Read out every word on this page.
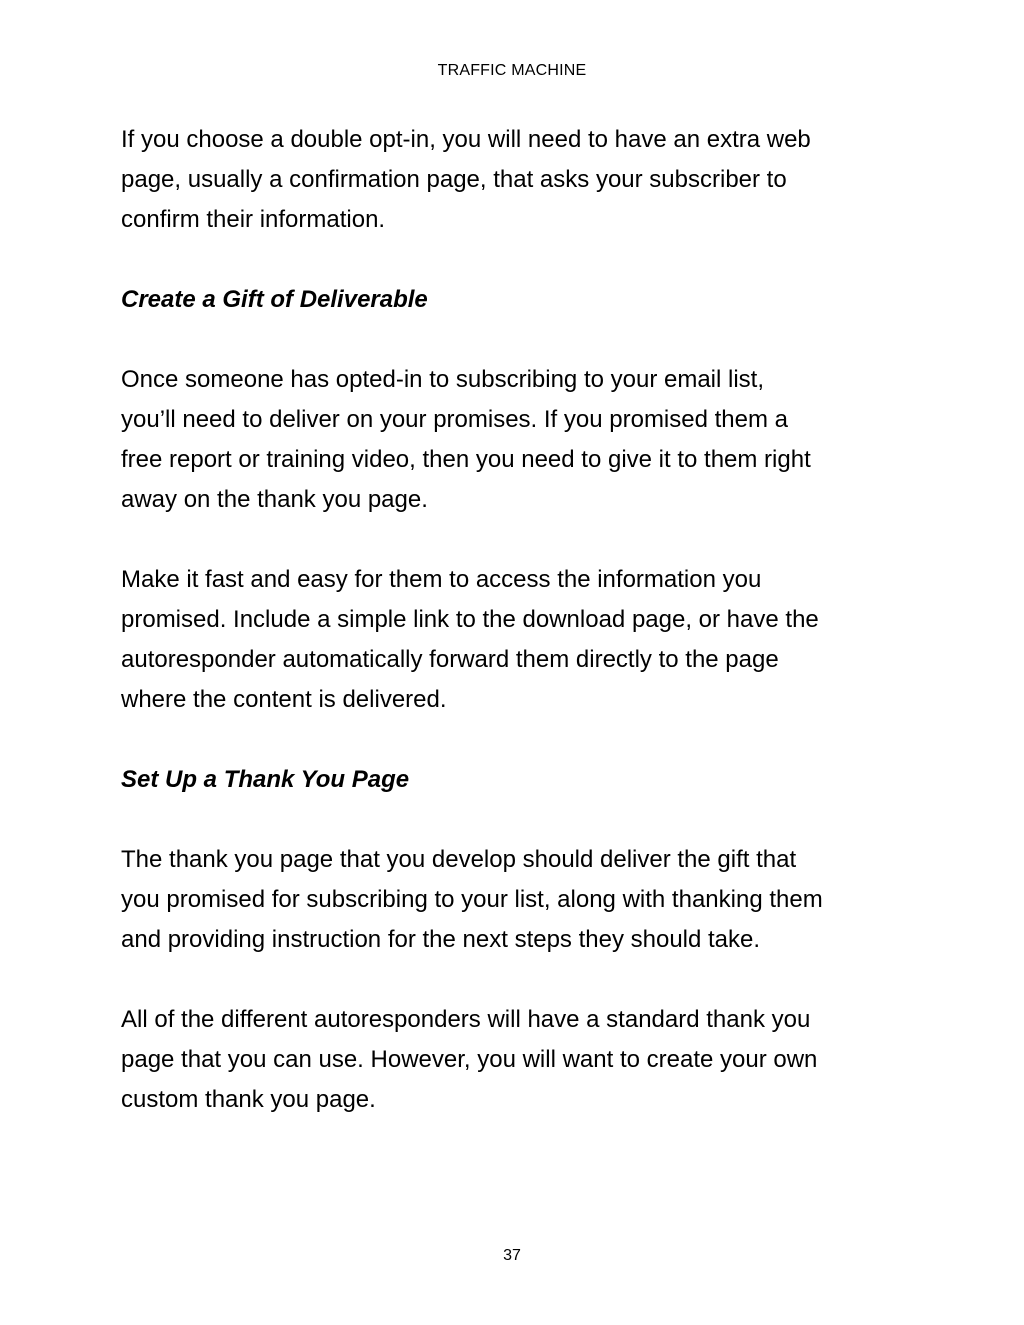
TRAFFIC MACHINE

If you choose a double opt-in, you will need to have an extra web
page, usually a confirmation page, that asks your subscriber to
confirm their information.

Create a Gift of Deliverable

Once someone has opted-in to subscribing to your email list,
you’ll need to deliver on your promises. If you promised them a
free report or training video, then you need to give it to them right
away on the thank you page.

Make it fast and easy for them to access the information you
promised. Include a simple link to the download page, or have the
autoresponder automatically forward them directly to the page
where the content is delivered.

Set Up a Thank You Page

The thank you page that you develop should deliver the gift that
you promised for subscribing to your list, along with thanking them
and providing instruction for the next steps they should take.

All of the different autoresponders will have a standard thank you
page that you can use. However, you will want to create your own
custom thank you page.

37
